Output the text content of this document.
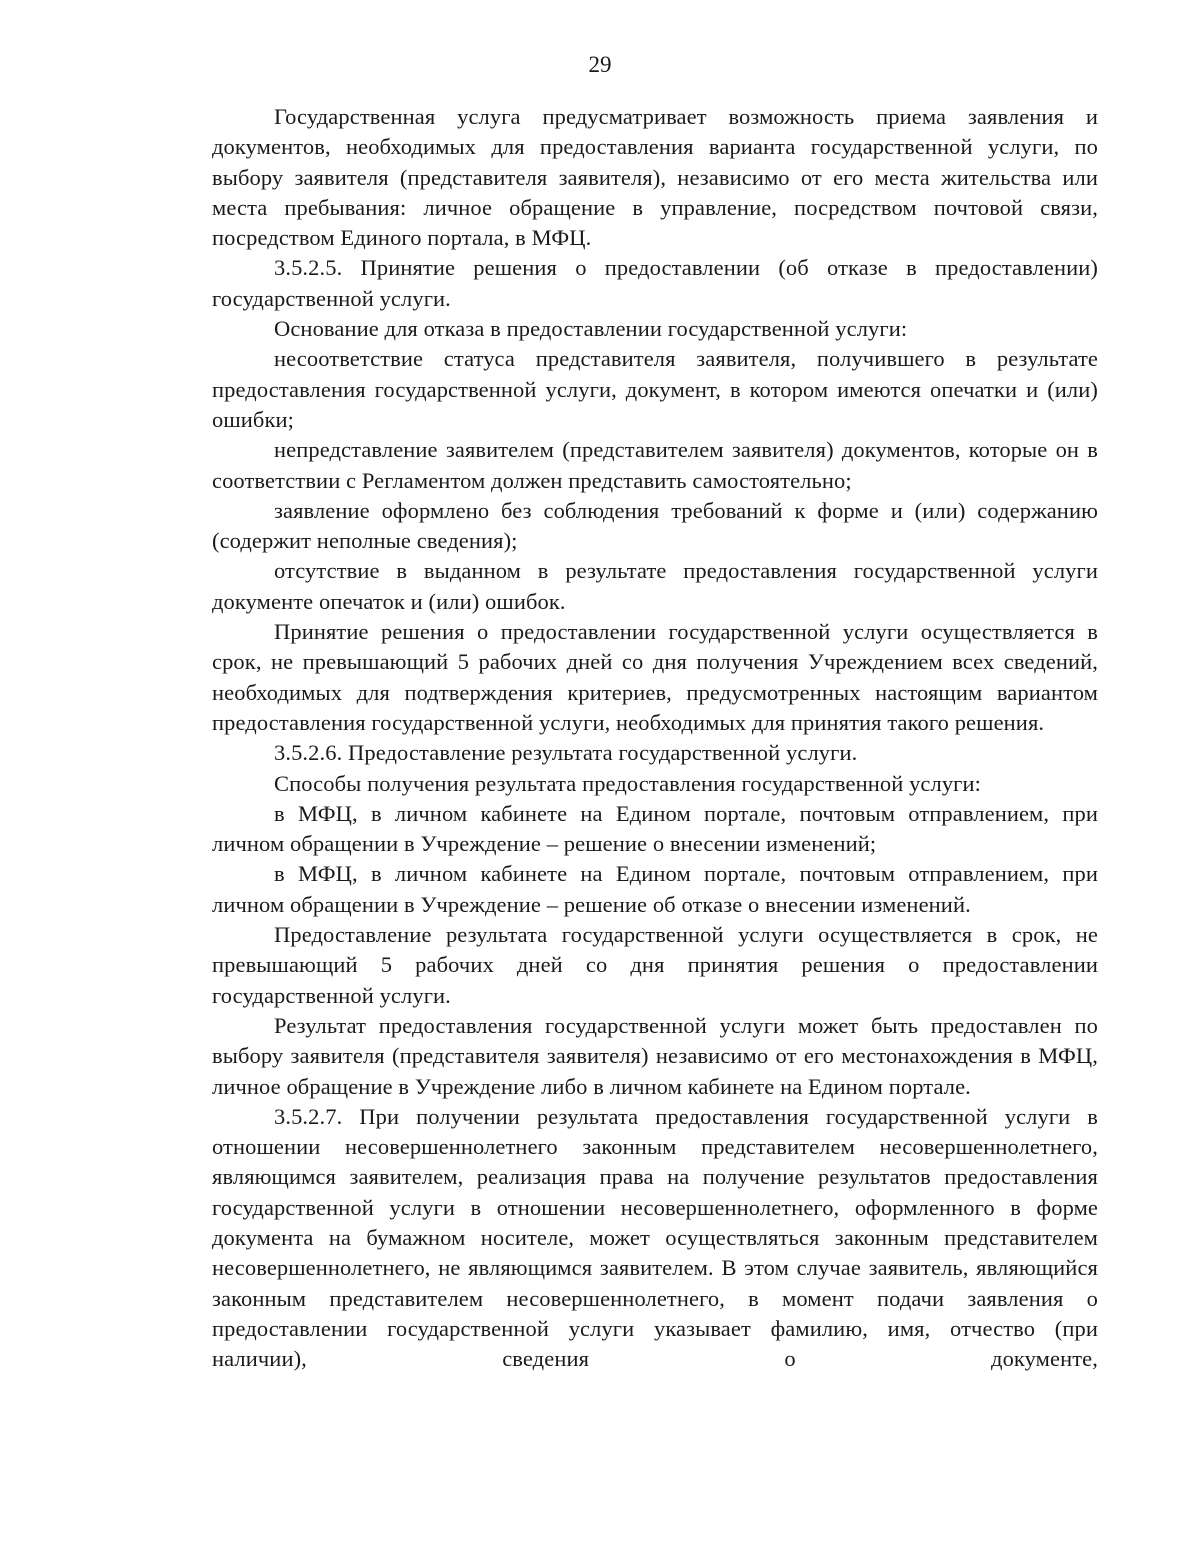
29

Государственная услуга предусматривает возможность приема заявления и документов, необходимых для предоставления варианта государственной услуги, по выбору заявителя (представителя заявителя), независимо от его места жительства или места пребывания: личное обращение в управление, посредством почтовой связи, посредством Единого портала, в МФЦ.

3.5.2.5. Принятие решения о предоставлении (об отказе в предоставлении) государственной услуги.

Основание для отказа в предоставлении государственной услуги:

несоответствие статуса представителя заявителя, получившего в результате предоставления государственной услуги, документ, в котором имеются опечатки и (или) ошибки;

непредставление заявителем (представителем заявителя) документов, которые он в соответствии с Регламентом должен представить самостоятельно;

заявление оформлено без соблюдения требований к форме и (или) содержанию (содержит неполные сведения);

отсутствие в выданном в результате предоставления государственной услуги документе опечаток и (или) ошибок.

Принятие решения о предоставлении государственной услуги осуществляется в срок, не превышающий 5 рабочих дней со дня получения Учреждением всех сведений, необходимых для подтверждения критериев, предусмотренных настоящим вариантом предоставления государственной услуги, необходимых для принятия такого решения.

3.5.2.6. Предоставление результата государственной услуги.

Способы получения результата предоставления государственной услуги:

в МФЦ, в личном кабинете на Едином портале, почтовым отправлением, при личном обращении в Учреждение – решение о внесении изменений;

в МФЦ, в личном кабинете на Едином портале, почтовым отправлением, при личном обращении в Учреждение – решение об отказе о внесении изменений.

Предоставление результата государственной услуги осуществляется в срок, не превышающий 5 рабочих дней со дня принятия решения о предоставлении государственной услуги.

Результат предоставления государственной услуги может быть предоставлен по выбору заявителя (представителя заявителя) независимо от его местонахождения в МФЦ, личное обращение в Учреждение либо в личном кабинете на Едином портале.

3.5.2.7. При получении результата предоставления государственной услуги в отношении несовершеннолетнего законным представителем несовершеннолетнего, являющимся заявителем, реализация права на получение результатов предоставления государственной услуги в отношении несовершеннолетнего, оформленного в форме документа на бумажном носителе, может осуществляться законным представителем несовершеннолетнего, не являющимся заявителем. В этом случае заявитель, являющийся законным представителем несовершеннолетнего, в момент подачи заявления о предоставлении государственной услуги указывает фамилию, имя, отчество (при наличии), сведения о документе,
